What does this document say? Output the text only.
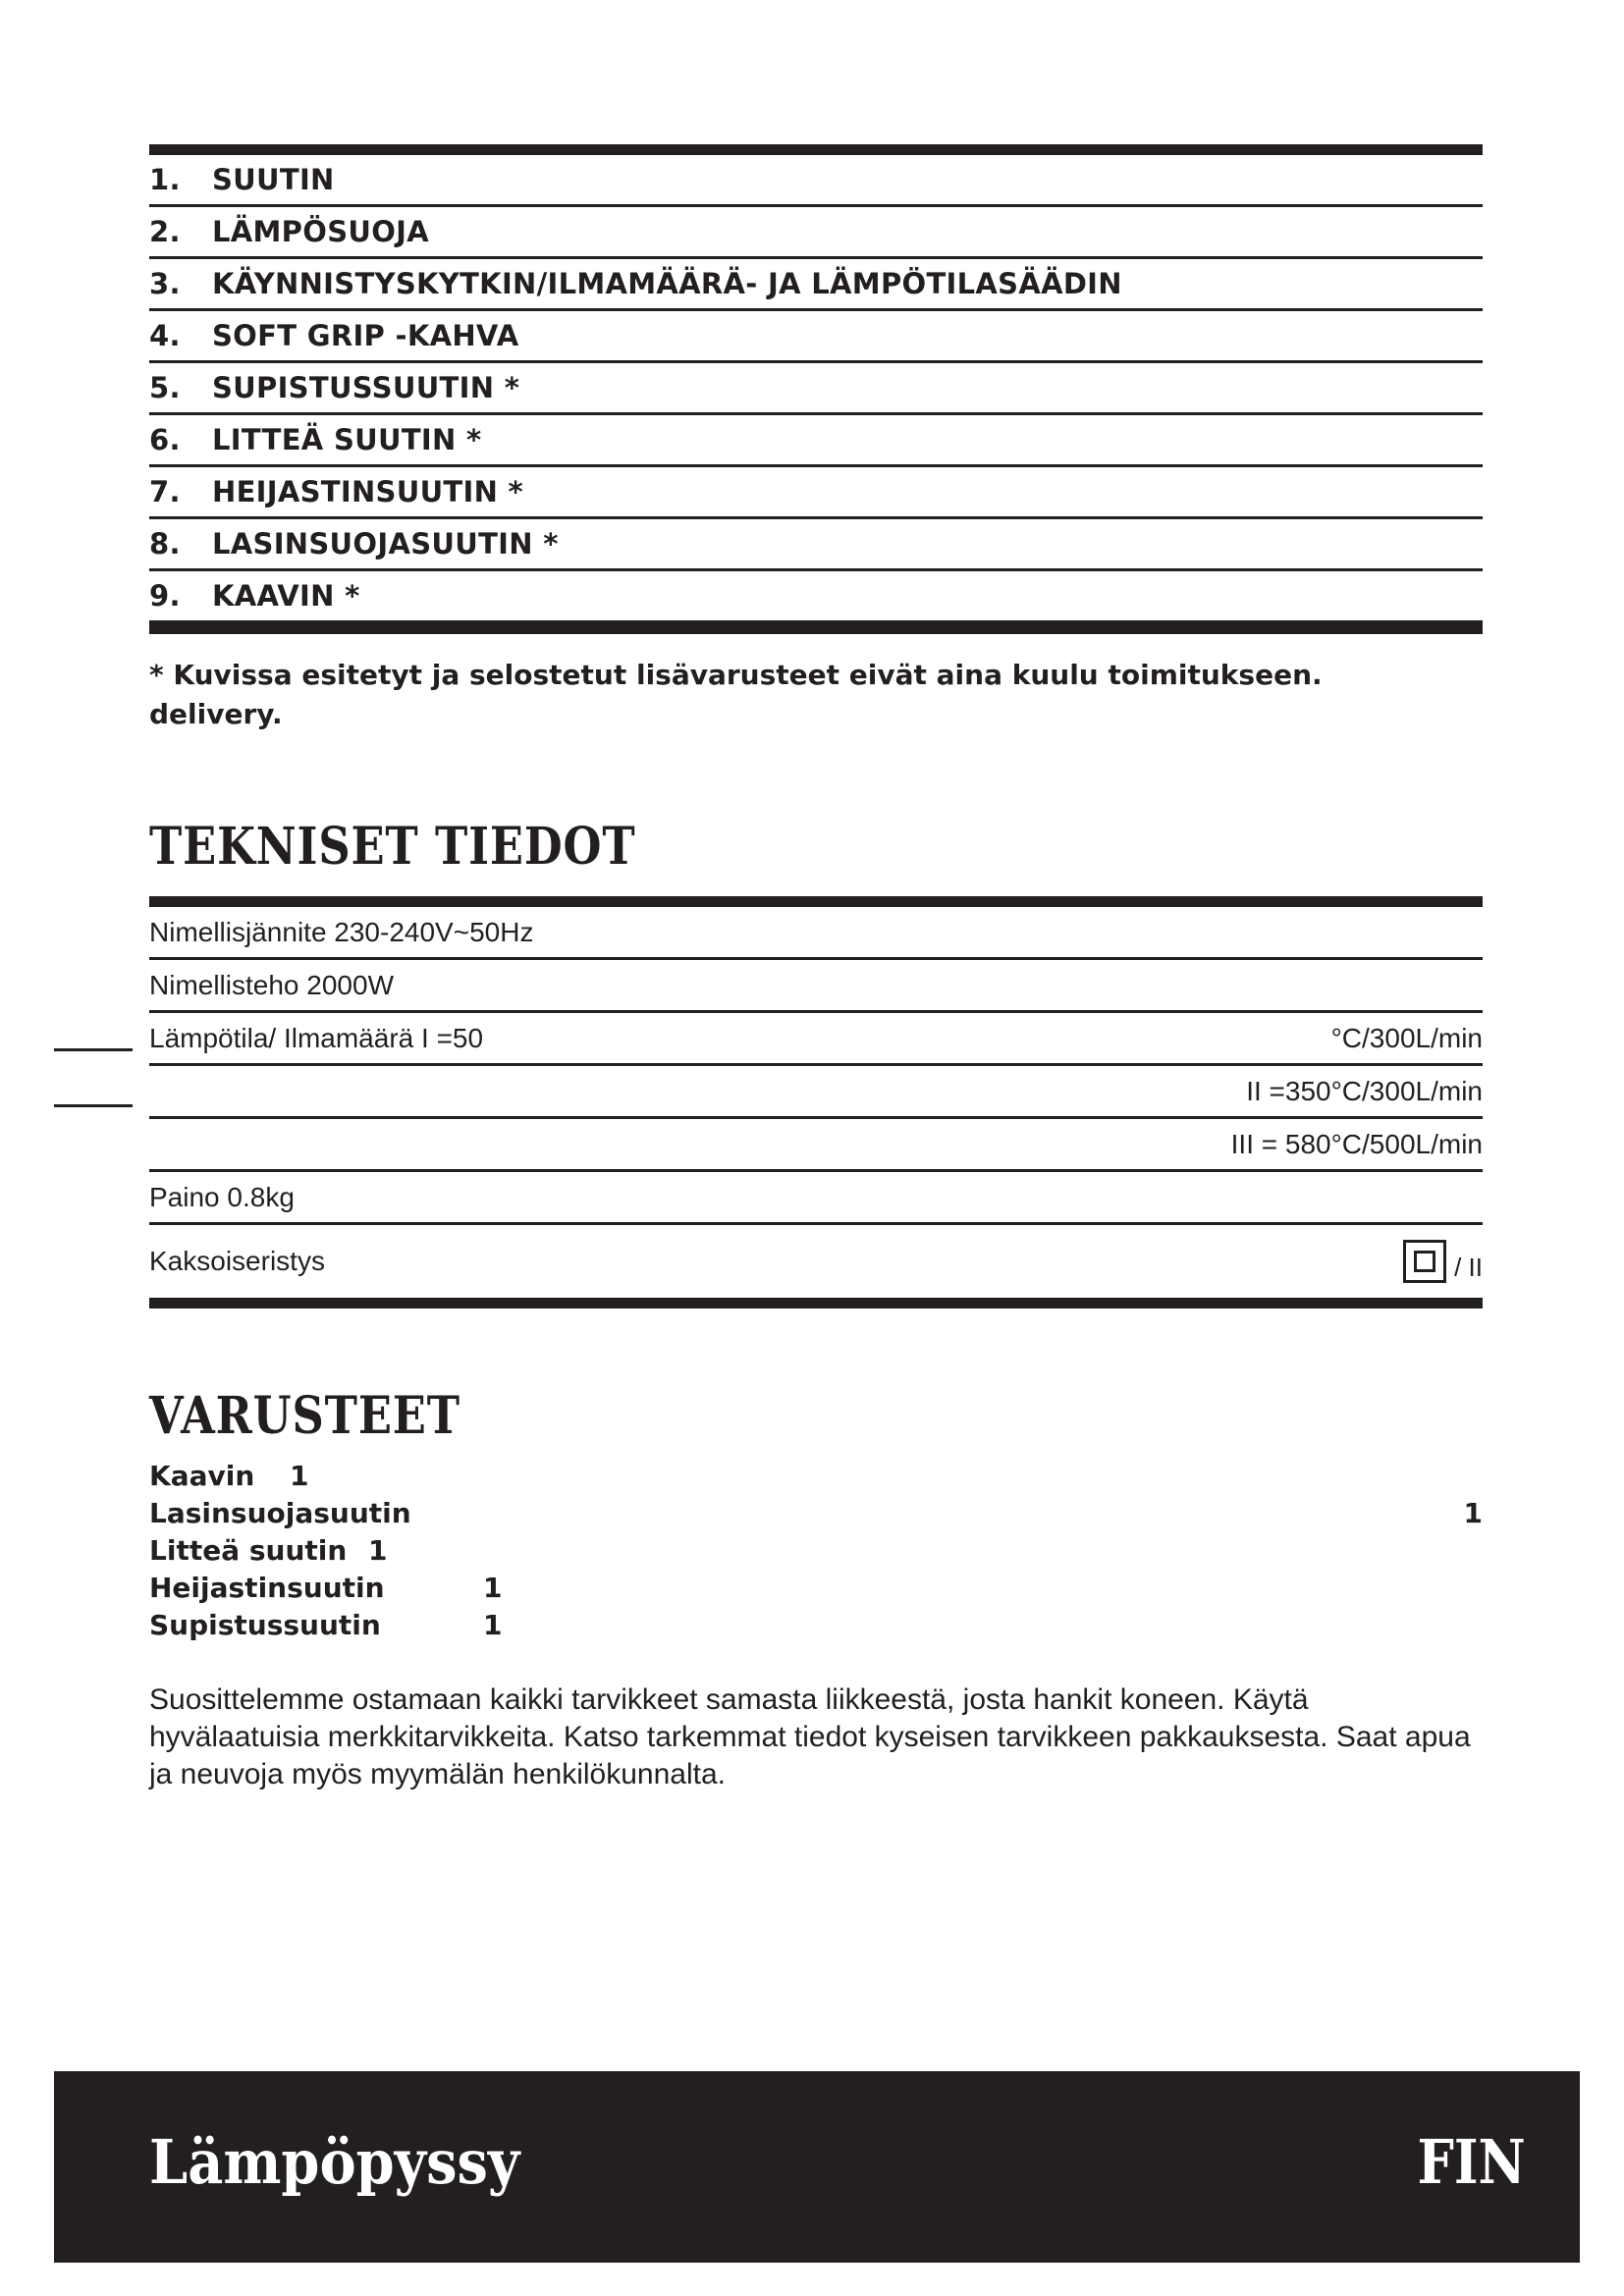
1.	SUUTIN
2.	LÄMPÖSUOJA
3.	KÄYNNISTYSKYTKIN/ILMAMÄÄRÄ- JA LÄMPÖTILASÄÄDIN
4.	SOFT GRIP -KAHVA
5.	SUPISTUSSUUTIN *
6.	LITTEÄ SUUTIN *
7.	HEIJASTINSUUTIN *
8.	LASINSUOJASUUTIN *
9.	KAAVIN *
* Kuvissa esitetyt ja selostetut lisävarusteet eivät aina kuulu toimitukseen.
delivery.
TEKNISET TIEDOT
Nimellisjännite 230-240V~50Hz
Nimellisteho 2000W
Lämpötila/ Ilmamäärä I =50	°C/300L/min
II =350°C/300L/min
III = 580°C/500L/min
Paino 0.8kg
Kaksoiseristys	/ II
VARUSTEET
Kaavin 1
Lasinsuojasuutin	1
Litteä suutin 1
Heijastinsuutin	1
Supistussuutin	1
Suosittelemme ostamaan kaikki tarvikkeet samasta liikkeestä, josta hankit koneen. Käytä hyvälaatuisia merkkitarvikkeita. Katso tarkemmat tiedot kyseisen tarvikkeen pakkauksesta. Saat apua ja neuvoja myös myymälän henkilökunnalta.
Lämpöpyssy	FIN
